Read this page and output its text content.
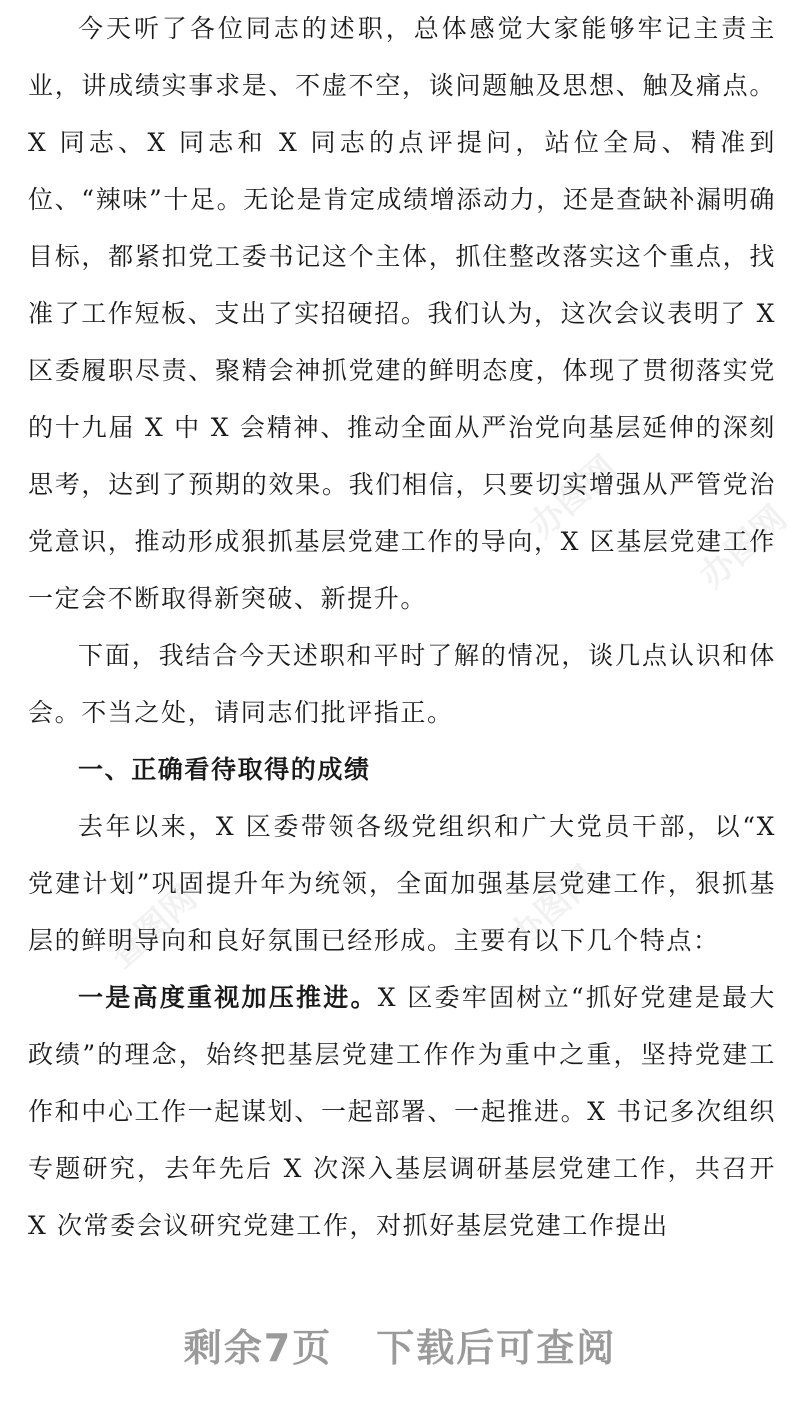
办图网
办图网
查图网	办图网

今天听了各位同志的述职，总体感觉大家能够牢记主责主业，讲成绩实事求是、不虚不空，谈问题触及思想、触及痛点。X 同志、X 同志和 X 同志的点评提问，站位全局、精准到位、“辣味”十足。无论是肯定成绩增添动力，还是查缺补漏明确目标，都紧扣党工委书记这个主体，抓住整改落实这个重点，找准了工作短板、支出了实招硬招。我们认为，这次会议表明了 X 区委履职尽责、聚精会神抓党建的鲜明态度，体现了贯彻落实党的十九届 X 中 X 会精神、推动全面从严治党向基层延伸的深刻思考，达到了预期的效果。我们相信，只要切实增强从严管党治党意识，推动形成狠抓基层党建工作的导向，X 区基层党建工作一定会不断取得新突破、新提升。

下面，我结合今天述职和平时了解的情况，谈几点认识和体会。不当之处，请同志们批评指正。

一、正确看待取得的成绩

去年以来，X 区委带领各级党组织和广大党员干部，以“X 党建计划”巩固提升年为统领，全面加强基层党建工作，狠抓基层的鲜明导向和良好氛围已经形成。主要有以下几个特点：

一是高度重视加压推进。X 区委牢固树立“抓好党建是最大政绩”的理念，始终把基层党建工作作为重中之重，坚持党建工作和中心工作一起谋划、一起部署、一起推进。X 书记多次组织专题研究，去年先后 X 次深入基层调研基层党建工作，共召开 X 次常委会议研究党建工作，对抓好基层党建工作提出

剩余7页 下载后可查阅
